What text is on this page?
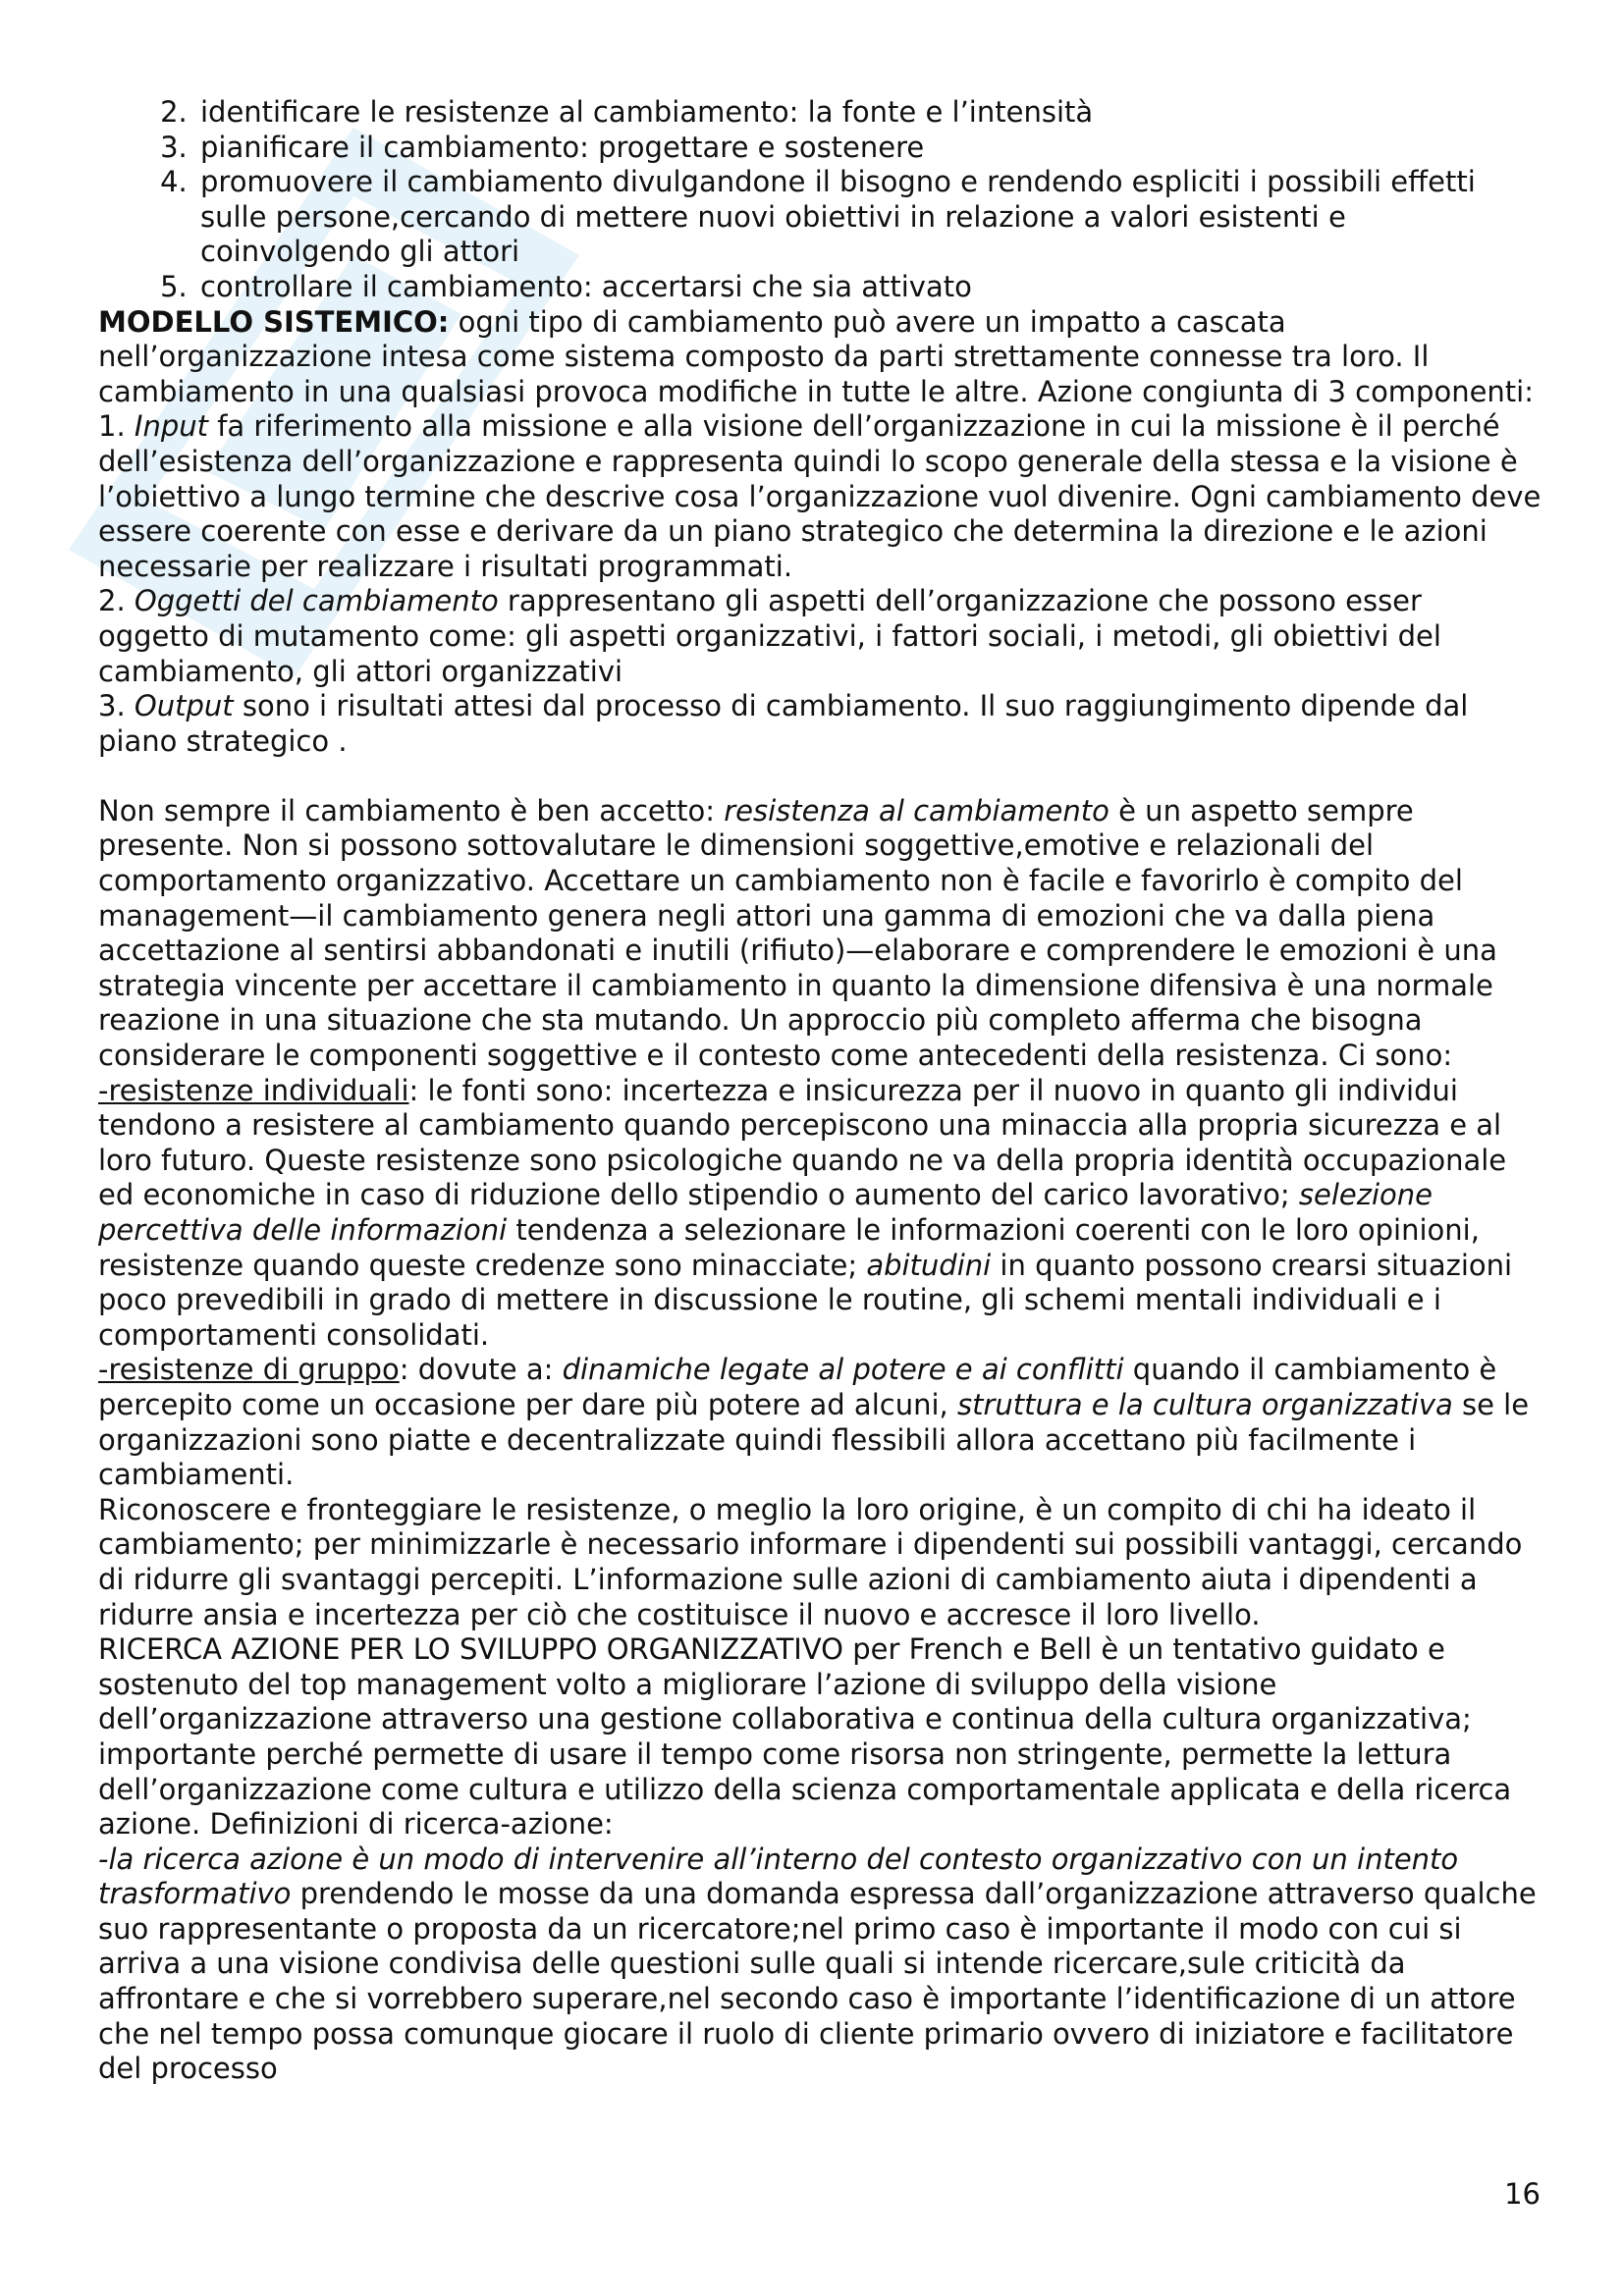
2. identificare le resistenze al cambiamento: la fonte e l’intensità
3. pianificare il cambiamento: progettare e sostenere
4. promuovere il cambiamento divulgandone il bisogno e rendendo espliciti i possibili effetti sulle persone,cercando di mettere nuovi obiettivi in relazione a valori esistenti e coinvolgendo gli attori
5. controllare il cambiamento: accertarsi che sia attivato

MODELLO SISTEMICO: ogni tipo di cambiamento può avere un impatto a cascata nell’organizzazione intesa come sistema composto da parti strettamente connesse tra loro. Il cambiamento in una qualsiasi provoca modifiche in tutte le altre. Azione congiunta di 3 componenti:

1. Input fa riferimento alla missione e alla visione dell’organizzazione in cui la missione è il perché dell’esistenza dell’organizzazione e rappresenta quindi lo scopo generale della stessa e la visione è l’obiettivo a lungo termine che descrive cosa l’organizzazione vuol divenire. Ogni cambiamento deve essere coerente con esse e derivare da un piano strategico che determina la direzione e le azioni necessarie per realizzare i risultati programmati.

2. Oggetti del cambiamento rappresentano gli aspetti dell’organizzazione che possono esser oggetto di mutamento come: gli aspetti organizzativi, i fattori sociali, i metodi, gli obiettivi del cambiamento, gli attori organizzativi

3. Output sono i risultati attesi dal processo di cambiamento. Il suo raggiungimento dipende dal piano strategico .

Non sempre il cambiamento è ben accetto: resistenza al cambiamento è un aspetto sempre presente. Non si possono sottovalutare le dimensioni soggettive,emotive e relazionali del comportamento organizzativo. Accettare un cambiamento non è facile e favorirlo è compito del management—il cambiamento genera negli attori una gamma di emozioni che va dalla piena accettazione al sentirsi abbandonati e inutili (rifiuto)—elaborare e comprendere le emozioni è una strategia vincente per accettare il cambiamento in quanto la dimensione difensiva è una normale reazione in una situazione che sta mutando. Un approccio più completo afferma che bisogna considerare le componenti soggettive e il contesto come antecedenti della resistenza. Ci sono:

-resistenze individuali: le fonti sono: incertezza e insicurezza per il nuovo in quanto gli individui tendono a resistere al cambiamento quando percepiscono una minaccia alla propria sicurezza e al loro futuro. Queste resistenze sono psicologiche quando ne va della propria identità occupazionale ed economiche in caso di riduzione dello stipendio o aumento del carico lavorativo; selezione percettiva delle informazioni tendenza a selezionare le informazioni coerenti con le loro opinioni, resistenze quando queste credenze sono minacciate; abitudini in quanto possono crearsi situazioni poco prevedibili in grado di mettere in discussione le routine, gli schemi mentali individuali e i comportamenti consolidati.

-resistenze di gruppo: dovute a: dinamiche legate al potere e ai conflitti quando il cambiamento è percepito come un occasione per dare più potere ad alcuni, struttura e la cultura organizzativa se le organizzazioni sono piatte e decentralizzate quindi flessibili allora accettano più facilmente i cambiamenti.

Riconoscere e fronteggiare le resistenze, o meglio la loro origine, è un compito di chi ha ideato il cambiamento; per minimizzarle è necessario informare i dipendenti sui possibili vantaggi, cercando di ridurre gli svantaggi percepiti. L’informazione sulle azioni di cambiamento aiuta i dipendenti a ridurre ansia e incertezza per ciò che costituisce il nuovo e accresce il loro livello.

RICERCA AZIONE PER LO SVILUPPO ORGANIZZATIVO per French e Bell è un tentativo guidato e sostenuto del top management volto a migliorare l’azione di sviluppo della visione dell’organizzazione attraverso una gestione collaborativa e continua della cultura organizzativa; importante perché permette di usare il tempo come risorsa non stringente, permette la lettura dell’organizzazione come cultura e utilizzo della scienza comportamentale applicata e della ricerca azione. Definizioni di ricerca-azione:

-la ricerca azione è un modo di intervenire all’interno del contesto organizzativo con un intento trasformativo prendendo le mosse da una domanda espressa dall’organizzazione attraverso qualche suo rappresentante o proposta da un ricercatore;nel primo caso è importante il modo con cui si arriva a una visione condivisa delle questioni sulle quali si intende ricercare,sule criticità da affrontare e che si vorrebbero superare,nel secondo caso è importante l’identificazione di un attore che nel tempo possa comunque giocare il ruolo di cliente primario ovvero di iniziatore e facilitatore del processo

16
